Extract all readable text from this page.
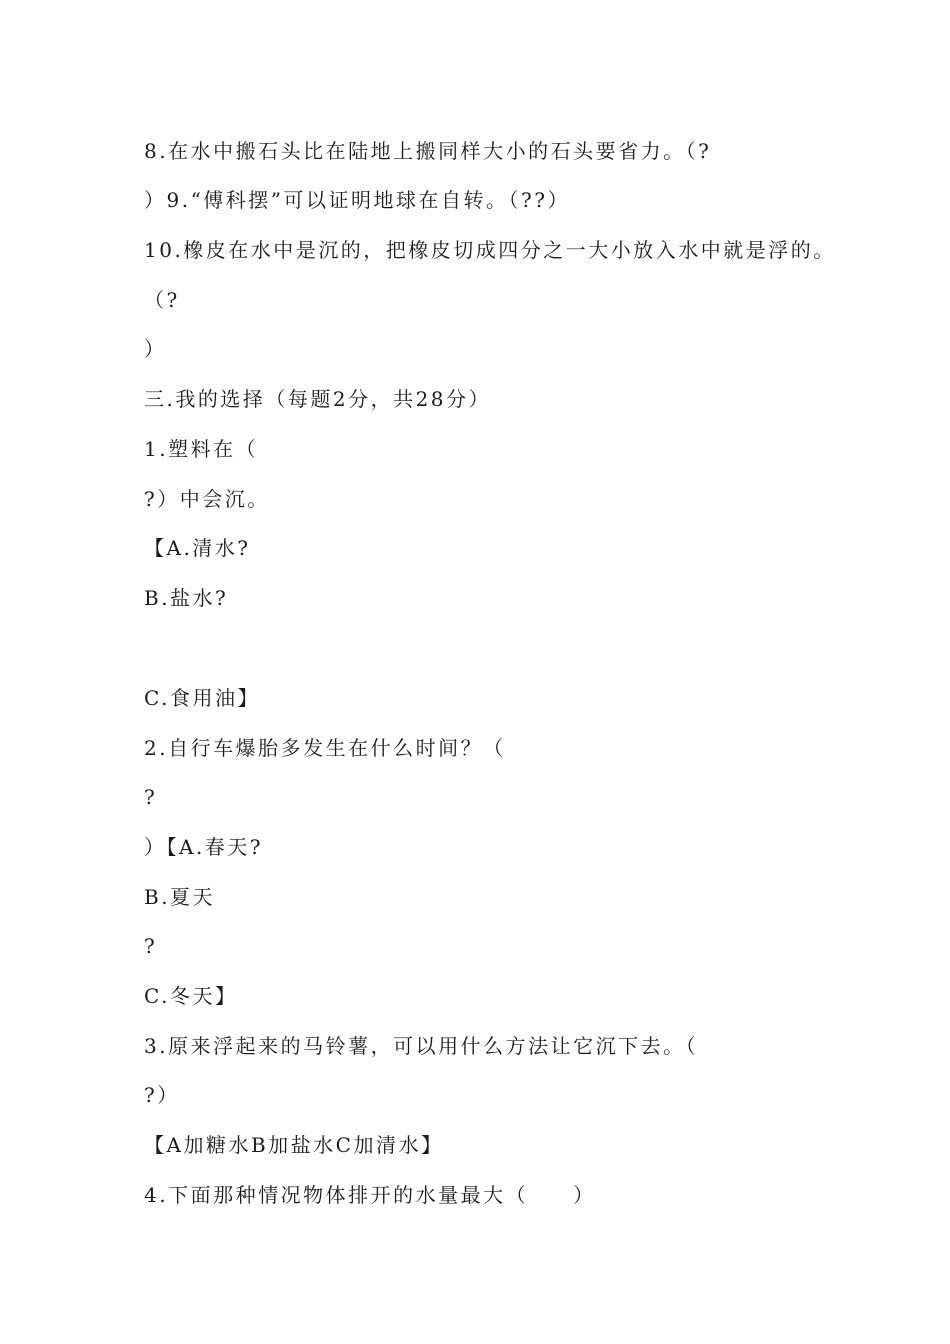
8.在水中搬石头比在陆地上搬同样大小的石头要省力。（?
）9.“傅科摆”可以证明地球在自转。（??）
10.橡皮在水中是沉的，把橡皮切成四分之一大小放入水中就是浮的。
（?
）
三.我的选择（每题2分，共28分）
1.塑料在（
?）中会沉。
【A.清水?
B.盐水?
C.食用油】
2.自行车爆胎多发生在什么时间？（
?
）【A.春天?
B.夏天
?
C.冬天】
3.原来浮起来的马铃薯，可以用什么方法让它沉下去。（
?）
【A加糖水B加盐水C加清水】
4.下面那种情况物体排开的水量最大（　　）
